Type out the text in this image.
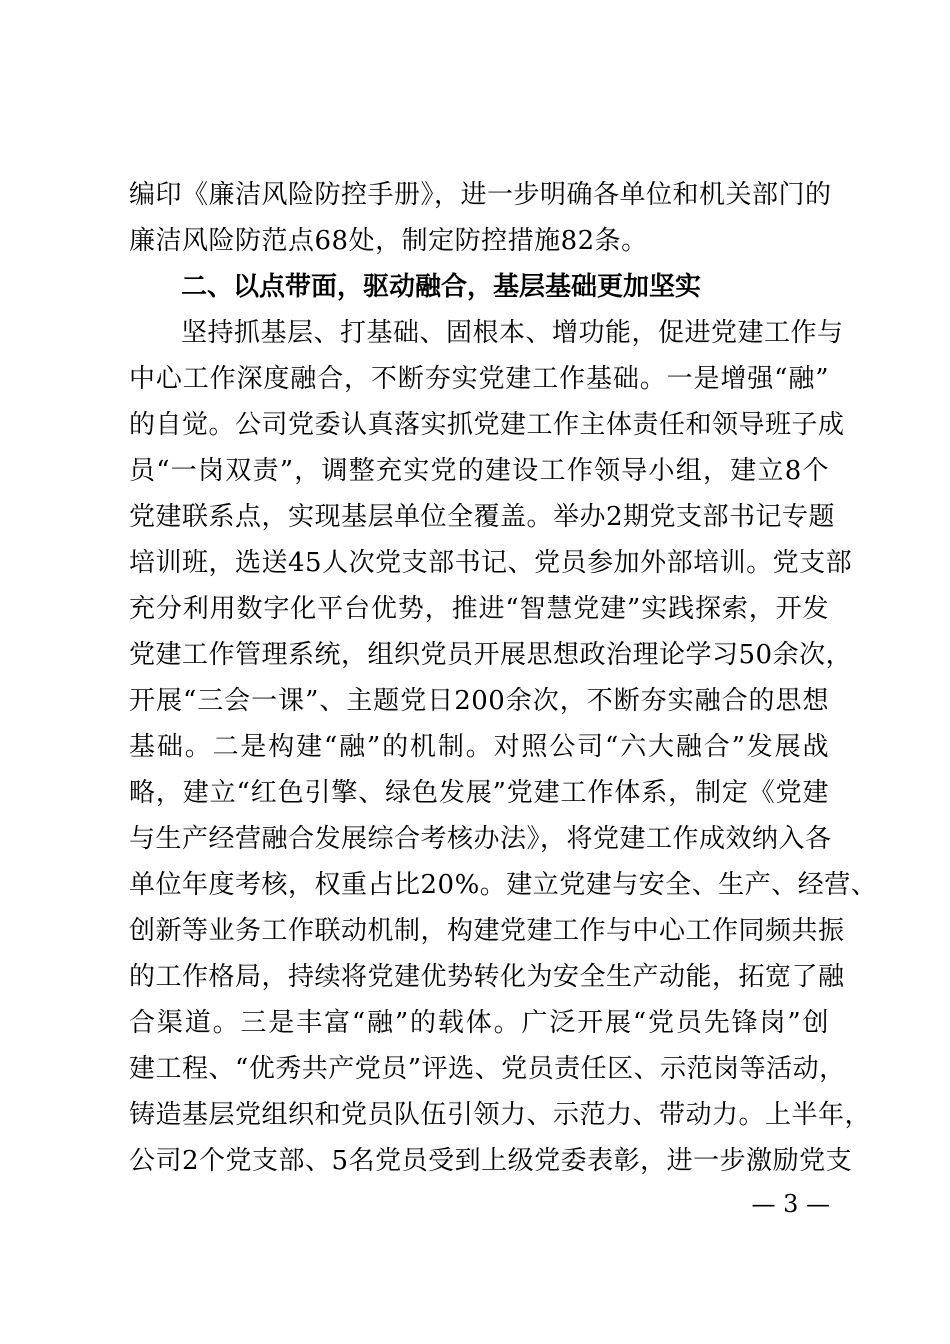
编印《廉洁风险防控手册》，进一步明确各单位和机关部门的
廉洁风险防范点68处，制定防控措施82条。
二、以点带面，驱动融合，基层基础更加坚实
坚持抓基层、打基础、固根本、增功能，促进党建工作与
中心工作深度融合，不断夯实党建工作基础。一是增强“融”
的自觉。公司党委认真落实抓党建工作主体责任和领导班子成
员“一岗双责”，调整充实党的建设工作领导小组，建立8个
党建联系点，实现基层单位全覆盖。举办2期党支部书记专题
培训班，选送45人次党支部书记、党员参加外部培训。党支部
充分利用数字化平台优势，推进“智慧党建”实践探索，开发
党建工作管理系统，组织党员开展思想政治理论学习50余次，
开展“三会一课”、主题党日200余次，不断夯实融合的思想
基础。二是构建“融”的机制。对照公司“六大融合”发展战
略，建立“红色引擎、绿色发展”党建工作体系，制定《党建
与生产经营融合发展综合考核办法》，将党建工作成效纳入各
单位年度考核，权重占比20%。建立党建与安全、生产、经营、
创新等业务工作联动机制，构建党建工作与中心工作同频共振
的工作格局，持续将党建优势转化为安全生产动能，拓宽了融
合渠道。三是丰富“融”的载体。广泛开展“党员先锋岗”创
建工程、“优秀共产党员”评选、党员责任区、示范岗等活动，
铸造基层党组织和党员队伍引领力、示范力、带动力。上半年，
公司2个党支部、5名党员受到上级党委表彰，进一步激励党支
— 3 —
